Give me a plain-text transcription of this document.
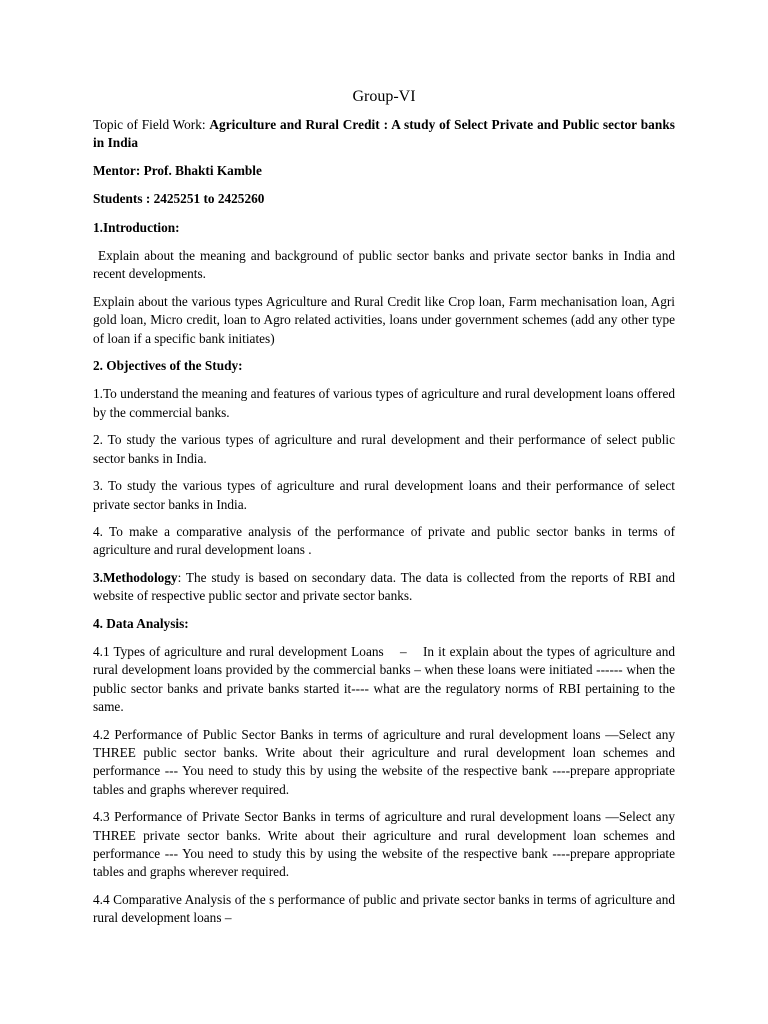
Group-VI

Topic of Field Work: Agriculture and Rural Credit : A study of Select Private and Public sector banks in India

Mentor: Prof. Bhakti Kamble

Students : 2425251 to 2425260

1.Introduction:

Explain about the meaning and background of public sector banks and private sector banks in India and recent developments.

Explain about the various types Agriculture and Rural Credit like Crop loan, Farm mechanisation loan, Agri gold loan, Micro credit, loan to Agro related activities, loans under government schemes (add any other type of loan if a specific bank initiates)

2. Objectives of the Study:

1.To understand the meaning and features of various types of agriculture and rural development loans offered by the commercial banks.

2. To study the various types of agriculture and rural development and their performance of select public sector banks in India.

3. To study the various types of agriculture and rural development loans and their performance of select private sector banks in India.

4. To make a comparative analysis of the performance of private and public sector banks in terms of agriculture and rural development loans .

3.Methodology: The study is based on secondary data. The data is collected from the reports of RBI and website of respective public sector and private sector banks.

4. Data Analysis:

4.1 Types of agriculture and rural development Loans    –    In it explain about the types of agriculture and rural development loans provided by the commercial banks – when these loans were initiated ------ when the public sector banks and private banks started it---- what are the regulatory norms of RBI pertaining to the same.

4.2 Performance of Public Sector Banks in terms of agriculture and rural development loans —Select any THREE public sector banks. Write about their agriculture and rural development loan schemes and performance --- You need to study this by using the website of the respective bank ----prepare appropriate tables and graphs wherever required.

4.3 Performance of Private Sector Banks in terms of agriculture and rural development loans —Select any THREE private sector banks. Write about their agriculture and rural development loan schemes and performance --- You need to study this by using the website of the respective bank ----prepare appropriate tables and graphs wherever required.

4.4 Comparative Analysis of the s performance of public and private sector banks in terms of agriculture and rural development loans –
